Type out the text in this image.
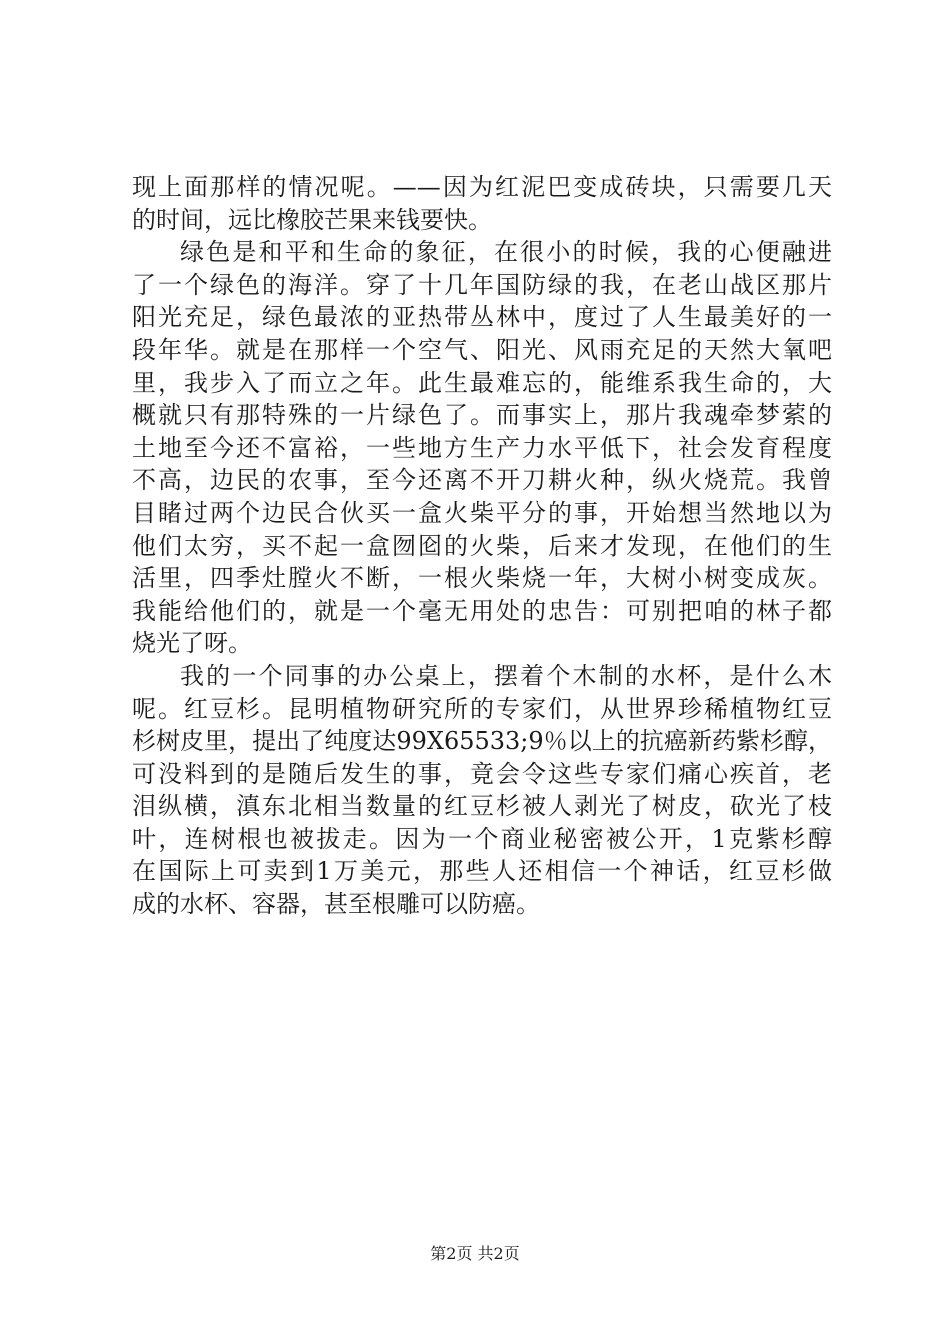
现上面那样的情况呢。——因为红泥巴变成砖块，只需要几天
的时间，远比橡胶芒果来钱要快。
绿色是和平和生命的象征，在很小的时候，我的心便融进
了一个绿色的海洋。穿了十几年国防绿的我，在老山战区那片
阳光充足，绿色最浓的亚热带丛林中，度过了人生最美好的一
段年华。就是在那样一个空气、阳光、风雨充足的天然大氧吧
里，我步入了而立之年。此生最难忘的，能维系我生命的，大
概就只有那特殊的一片绿色了。而事实上，那片我魂牵梦萦的
土地至今还不富裕，一些地方生产力水平低下，社会发育程度
不高，边民的农事，至今还离不开刀耕火种，纵火烧荒。我曾
目睹过两个边民合伙买一盒火柴平分的事，开始想当然地以为
他们太穷，买不起一盒囫囵的火柴，后来才发现，在他们的生
活里，四季灶膛火不断，一根火柴烧一年，大树小树变成灰。
我能给他们的，就是一个毫无用处的忠告：可别把咱的林子都
烧光了呀。
我的一个同事的办公桌上，摆着个木制的水杯，是什么木
呢。红豆杉。昆明植物研究所的专家们，从世界珍稀植物红豆
杉树皮里，提出了纯度达99X65533;9％以上的抗癌新药紫杉醇，
可没料到的是随后发生的事，竟会令这些专家们痛心疾首，老
泪纵横，滇东北相当数量的红豆杉被人剥光了树皮，砍光了枝
叶，连树根也被拔走。因为一个商业秘密被公开，1克紫杉醇
在国际上可卖到1万美元，那些人还相信一个神话，红豆杉做
成的水杯、容器，甚至根雕可以防癌。
第2页 共2页
